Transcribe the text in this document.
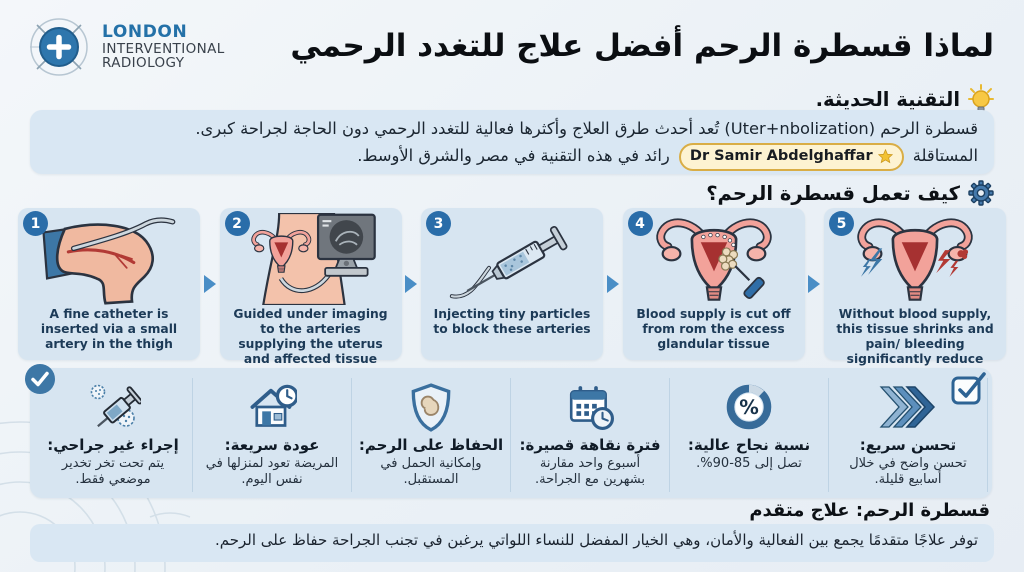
LONDON
INTERVENTIONAL
RADIOLOGY	لماذا قسطرة الرحم أفضل علاج للتغدد الرحمي
التقنية الحديثة.
قسطرة الرحم (Uter+nbolization) تُعد أحدث طرق العلاج وأكثرها فعالية للتغدد الرحمي دون الحاجة لجراحة كبرى.
المستاقلة
Dr Samir Abdelghaffar
رائد في هذه التقنية في مصر والشرق الأوسط.
كيف تعمل قسطرة الرحم؟
1
A fine catheter is inserted via a small artery in the thigh
2
Guided under imaging to the arteries supplying the uterus and affected tissue
3
Injecting tiny particles to block these arteries
4
Blood supply is cut off from rom the excess glandular tissue
5
Without blood supply, this tissue shrinks and pain/ bleeding significantly reduce
تحسن سريع:
تحسن واضح في خلال أسابيع قليلة.
%
نسبة نجاح عالية:
تصل إلى 85-90%.
فترة نقاهة قصيرة:
أسبوع واحد مقارنة بشهرين مع الجراحة.
الحفاظ على الرحم:
وإمكانية الحمل في المستقبل.
عودة سريعة:
المريضة تعود لمنزلها في نفس اليوم.
إجراء غير جراحي:
يتم تحت تخر تخدير موضعي فقط.
قسطرة الرحم: علاج متقدم
توفر علاجًا متقدمًا يجمع بين الفعالية والأمان، وهي الخيار المفضل للنساء اللواتي يرغبن في تجنب الجراحة حفاظ على الرحم.
